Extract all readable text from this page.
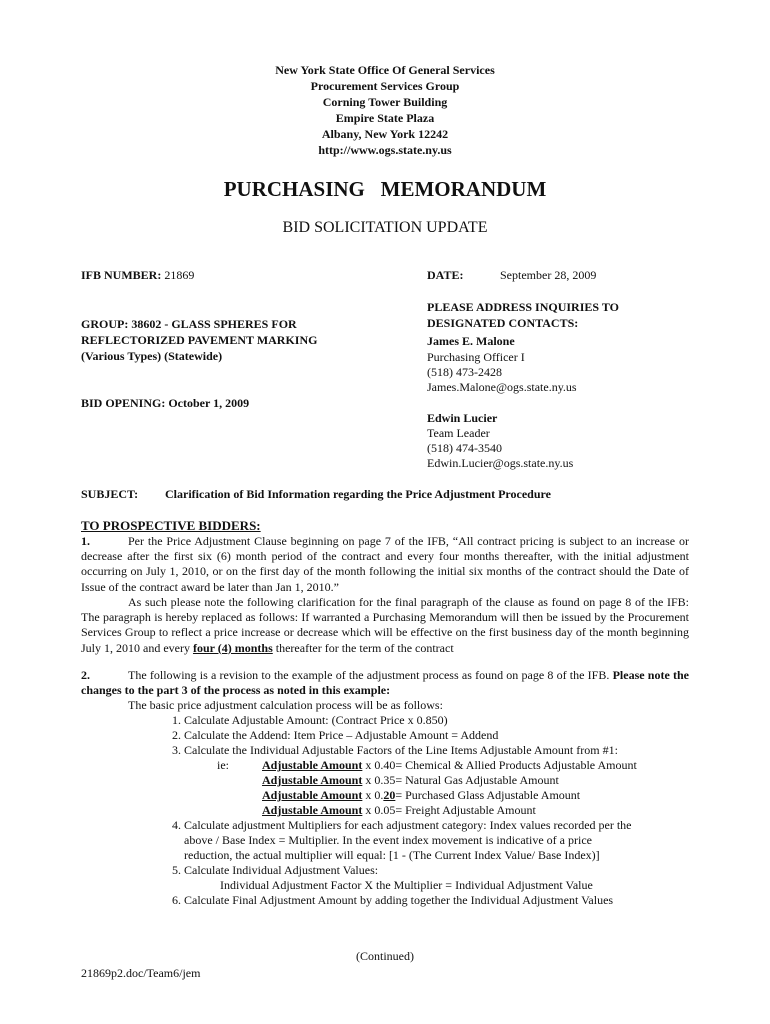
New York State Office Of General Services
Procurement Services Group
Corning Tower Building
Empire State Plaza
Albany, New York 12242
http://www.ogs.state.ny.us
PURCHASING   MEMORANDUM
BID SOLICITATION UPDATE
IFB NUMBER: 21869	DATE:	September 28, 2009
PLEASE ADDRESS INQUIRIES TO
DESIGNATED CONTACTS:
GROUP: 38602 - GLASS SPHERES FOR
REFLECTORIZED PAVEMENT MARKING
(Various Types) (Statewide)
James E. Malone
Purchasing Officer I
(518) 473-2428
James.Malone@ogs.state.ny.us
BID OPENING: October 1, 2009
Edwin Lucier
Team Leader
(518) 474-3540
Edwin.Lucier@ogs.state.ny.us
SUBJECT: Clarification of Bid Information regarding the Price Adjustment Procedure
TO PROSPECTIVE BIDDERS:
1.	Per the Price Adjustment Clause beginning on page 7 of the IFB, “All contract pricing is subject to an increase or decrease after the first six (6) month period of the contract and every four months thereafter, with the initial adjustment occurring on July 1, 2010, or on the first day of the month following the initial six months of the contract should the Date of Issue of the contract award be later than Jan 1, 2010.”
As such please note the following clarification for the final paragraph of the clause as found on page 8 of the IFB: The paragraph is hereby replaced as follows: If warranted a Purchasing Memorandum will then be issued by the Procurement Services Group to reflect a price increase or decrease which will be effective on the first business day of the month beginning July 1, 2010 and every four (4) months thereafter for the term of the contract
2.	The following is a revision to the example of the adjustment process as found on page 8 of the IFB. Please note the changes to the part 3 of the process as noted in this example:
The basic price adjustment calculation process will be as follows:
1. Calculate Adjustable Amount: (Contract Price x 0.850)
2. Calculate the Addend: Item Price – Adjustable Amount = Addend
3. Calculate the Individual Adjustable Factors of the Line Items Adjustable Amount from #1:
ie:	Adjustable Amount x 0.40= Chemical & Allied Products Adjustable Amount
Adjustable Amount x 0.35= Natural Gas Adjustable Amount
Adjustable Amount x 0.20= Purchased Glass Adjustable Amount
Adjustable Amount x 0.05= Freight Adjustable Amount
4. Calculate adjustment Multipliers for each adjustment category: Index values recorded per the
above / Base Index = Multiplier. In the event index movement is indicative of a price
reduction, the actual multiplier will equal: [1 - (The Current Index Value/ Base Index)]
5. Calculate Individual Adjustment Values:
Individual Adjustment Factor X the Multiplier = Individual Adjustment Value
6. Calculate Final Adjustment Amount by adding together the Individual Adjustment Values
(Continued)
21869p2.doc/Team6/jem
